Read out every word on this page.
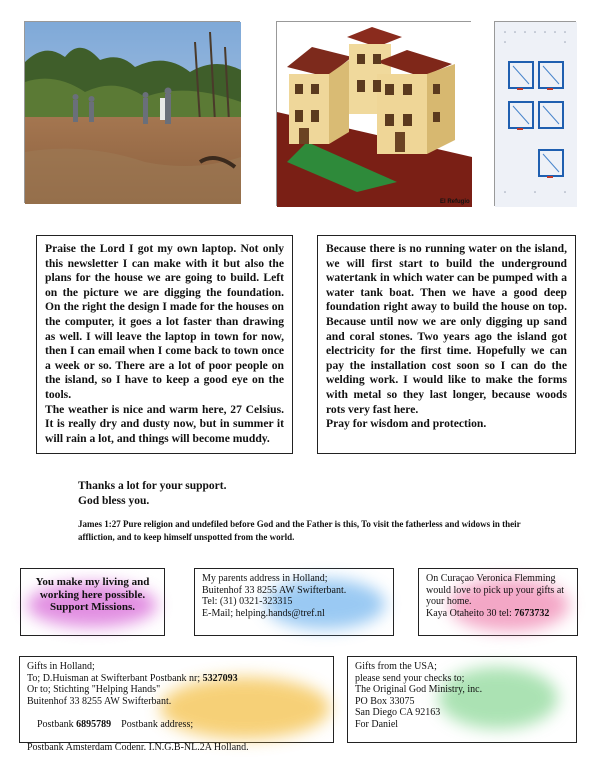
El Refugio

Praise the Lord I got my own laptop. Not only this newsletter I can make with it but also the plans for the house we are going to build. Left on the picture we are digging the foundation. On the right the design I made for the houses on the computer, it goes a lot faster than drawing as well. I will leave the laptop in town for now, then I can email when I come back to town once a week or so. There are a lot of poor people on the island, so I have to keep a good eye on the tools.

The weather is nice and warm here, 27 Celsius. It is really dry and dusty now, but in summer it will rain a lot, and things will become muddy.

Because there is no running water on the island, we will first start to build the underground watertank in which water can be pumped with a water tank boat. Then we have a good deep foundation right away to build the house on top. Because until now we are only digging up sand and coral stones. Two years ago the island got electricity for the first time. Hopefully we can pay the installation cost soon so I can do the welding work. I would like to make the forms with metal so they last longer, because woods rots very fast here.

Pray for wisdom and protection.

Thanks a lot for your support.
God bless you.
James 1:27 Pure religion and undefiled before God and the Father is this, To visit the fatherless and widows in their affliction, and to keep himself unspotted from the world.
You make my living and
working here possible.
Support Missions.
My parents address in Holland;
Buitenhof 33 8255 AW Swifterbant.
Tel: (31) 0321-323315
E-Mail; helping.hands@tref.nl
On Curaçao Veronica Flemming
would love to pick up your gifts at
your home.
Kaya Otaheito 30 tel: 7673732
Gifts in Holland;
To; D.Huisman at Swifterbant Postbank nr; 5327093
Or to; Stichting "Helping Hands"
Buitenhof 33 8255 AW Swifterbant.

Postbank 6895789    Postbank address;

Postbank Amsterdam Codenr. I.N.G.B-NL.2A Holland.
Gifts from the USA;
please send your checks to;
The Original God Ministry, inc.
PO Box 33075
San Diego CA 92163
For Daniel
